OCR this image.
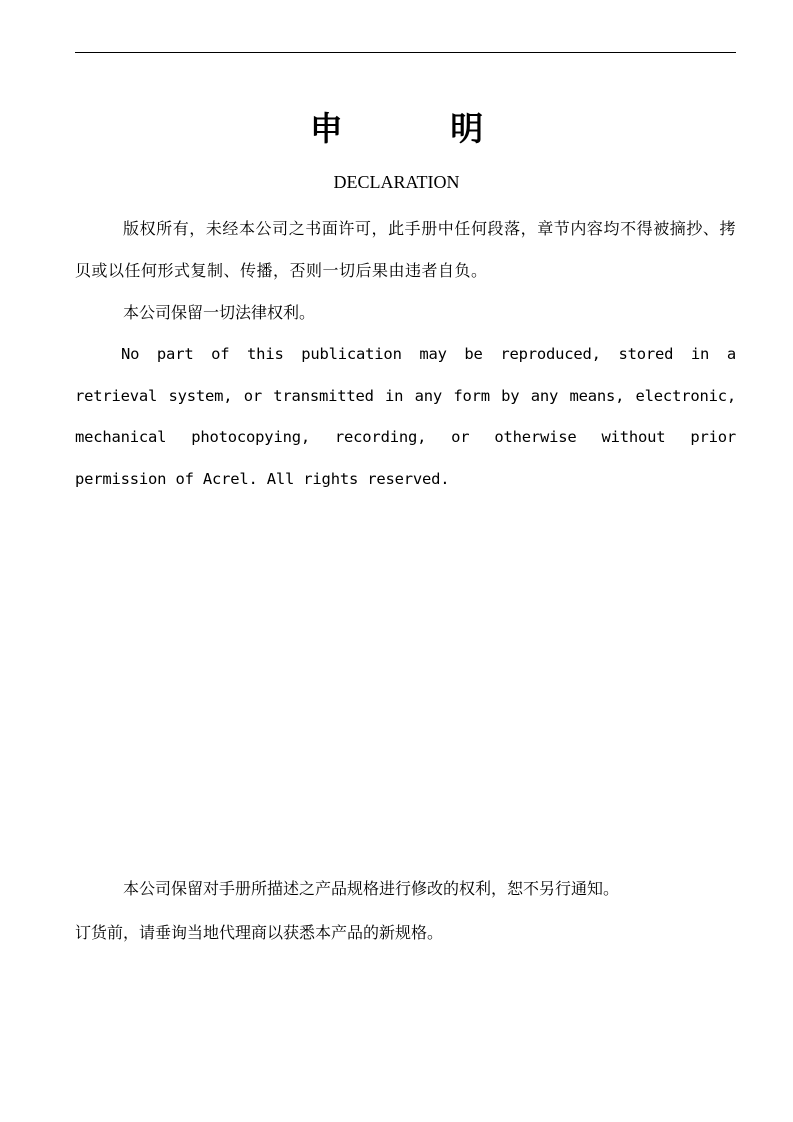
申 明
DECLARATION
版权所有，未经本公司之书面许可，此手册中任何段落，章节内容均不得被摘抄、拷贝或以任何形式复制、传播，否则一切后果由违者自负。
本公司保留一切法律权利。
No part of this publication may be reproduced, stored in a retrieval system, or transmitted in any form by any means, electronic, mechanical photocopying, recording, or otherwise without prior permission of Acrel. All rights reserved.
本公司保留对手册所描述之产品规格进行修改的权利，恕不另行通知。
订货前，请垂询当地代理商以获悉本产品的新规格。
